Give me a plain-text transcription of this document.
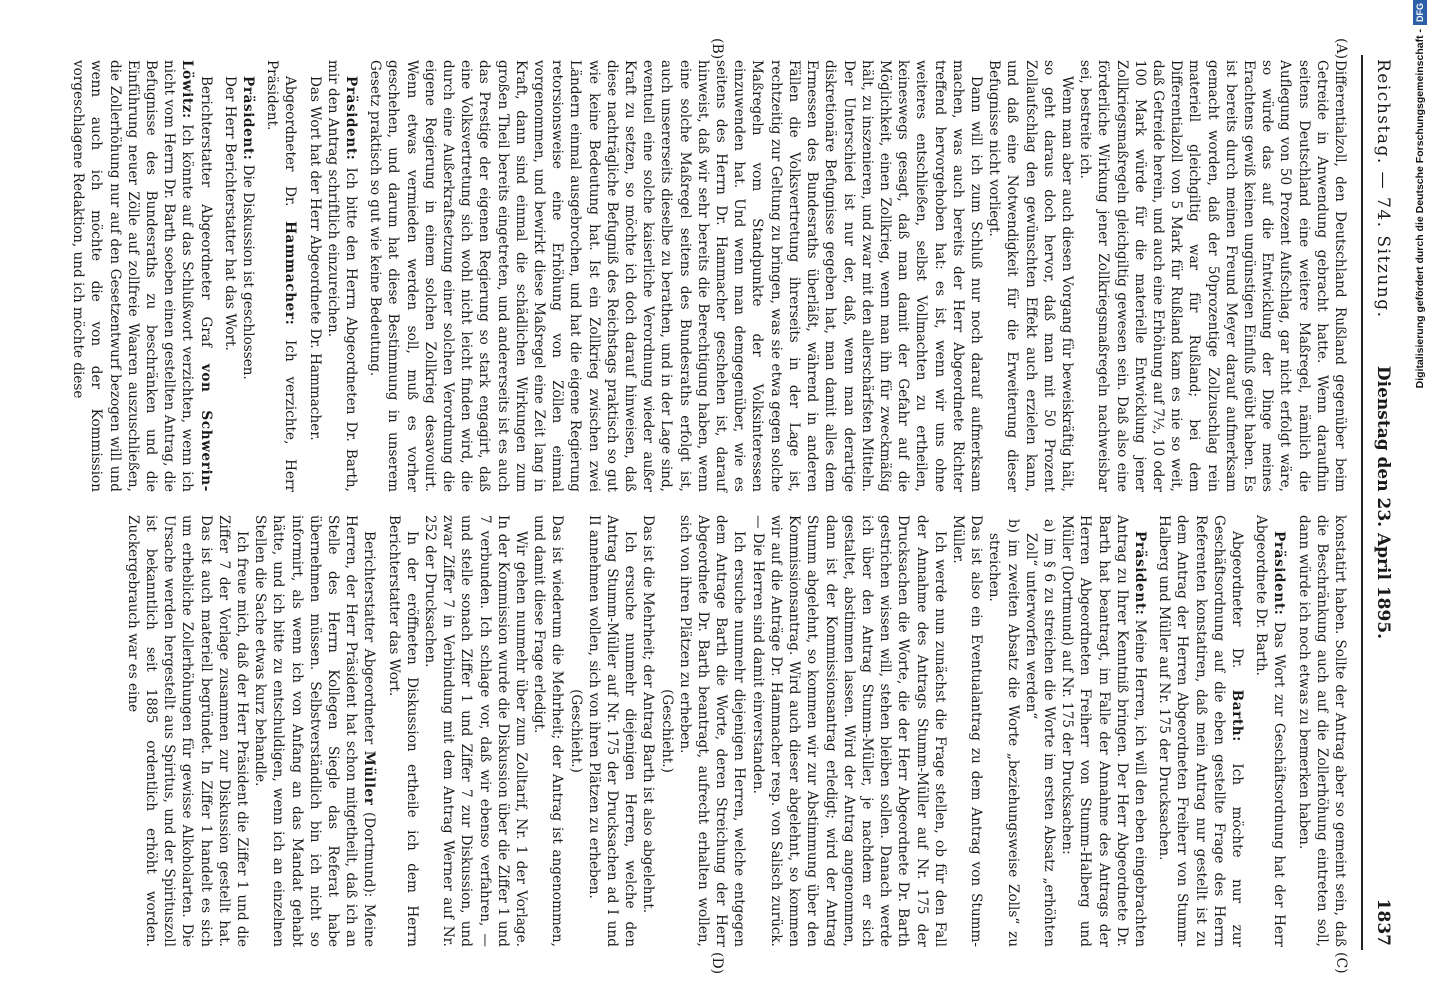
Reichstag. — 74. Sitzung.
Dienstag den 23. April 1895.
1837
(A)
(B)
(C)
(D)

Differentialzoll, den Deutschland Rußland gegenüber beim Getreide in Anwendung gebracht hatte. Wenn daraufhin seitens Deutschland eine weitere Maßregel, nämlich die Auflegung von 50 Prozent Aufschlag, gar nicht erfolgt wäre, so würde das auf die Entwicklung der Dinge meines Erachtens gewiß keinen ungünstigen Einfluß geübt haben. Es ist bereits durch meinen Freund Meyer darauf aufmerksam gemacht worden, daß der 50prozentige Zollzuschlag rein materiell gleichgiltig war für Rußland; bei dem Differentialzoll von 5 Mark für Rußland kam es nie so weit, daß Getreide herein, und auch eine Erhöhung auf 7½, 10 oder 100 Mark würde für die materielle Entwicklung jener Zollkriegsmaßregeln gleichgiltig gewesen sein. Daß also eine förderliche Wirkung jener Zollkriegsmaßregeln nachweisbar sei, bestreite ich.

Wenn man aber auch diesen Vorgang für beweiskräftig hält, so geht daraus doch hervor, daß man mit 50 Prozent Zollaufschlag den gewünschten Effekt auch erzielen kann, und daß eine Notwendigkeit für die Erweiterung dieser Befugnisse nicht vorliegt.

Dann will ich zum Schluß nur noch darauf aufmerksam machen, was auch bereits der Herr Abgeordnete Richter treffend hervorgehoben hat: es ist, wenn wir uns ohne weiteres entschließen, selbst Vollmachten zu ertheilen, keineswegs gesagt, daß man damit der Gefahr auf die Möglichkeit, einen Zollkrieg, wenn man ihn für zweckmäßig hält, zu inszenieren, und zwar mit den allerschärfsten Mitteln. Der Unterschied ist nur der, daß, wenn man derartige diskretionäre Befugnisse gegeben hat, man damit alles dem Ermessen des Bundesraths überläßt, während in anderen Fällen die Volksvertretung ihrerseits in der Lage ist, rechtzeitig zur Geltung zu bringen, was sie etwa gegen solche Maßregeln vom Standpunkte der Volksinteressen einzuwenden hat. Und wenn man demgegenüber, wie es seitens des Herrn Dr. Hammacher geschehen ist, darauf hinweist, daß wir sehr bereits die Berechtigung haben, wenn eine solche Maßregel seitens des Bundesraths erfolgt ist, auch unsererseits dieselbe zu berathen, und in der Lage sind, eventuell eine solche kaiserliche Verordnung wieder außer Kraft zu setzen, so möchte ich doch darauf hinweisen, daß diese nachträgliche Befugniß des Reichstags praktisch so gut wie keine Bedeutung hat. Ist ein Zollkrieg zwischen zwei Ländern einmal ausgebrochen, und hat die eigene Regierung retorsionsweise eine Erhöhung von Zöllen einmal vorgenommen, und bewirkt diese Maßregel eine Zeit lang in Kraft, dann sind einmal die schädlichen Wirkungen zum großen Theil bereits eingetreten, und andererseits ist es auch das Prestige der eigenen Regierung so stark engagirt, daß eine Volksvertretung sich wohl nicht leicht finden wird, die durch eine Außerkraftsetzung einer solchen Verordnung die eigene Regierung in einem solchen Zollkrieg desavouirt. Wenn etwas vermieden werden soll, muß es vorher geschehen, und darum hat diese Bestimmung in unserem Gesetz praktisch so gut wie keine Bedeutung.

Präsident: Ich bitte den Herrn Abgeordneten Dr. Barth, mir den Antrag schriftlich einzureichen.

Das Wort hat der Herr Abgeordnete Dr. Hammacher.

Abgeordneter Dr. Hammacher: Ich verzichte, Herr Präsident.

Präsident: Die Diskussion ist geschlossen.

Der Herr Berichterstatter hat das Wort.

Berichterstatter Abgeordneter Graf von Schwerin-Löwitz: Ich könnte auf das Schlußwort verzichten, wenn ich nicht vom Herrn Dr. Barth soeben einen gestellten Antrag, die Befugnisse des Bundesraths zu beschränken und die Einführung neuer Zölle auf zollfreie Waaren auszuschließen, die Zollerhöhung nur auf den Gesetzentwurf bezogen will und wenn auch ich möchte die von der Kommission vorgeschlagene Redaktion, und ich möchte diese

konstatirt haben. Sollte der Antrag aber so gemeint sein, daß die Beschränkung auch auf die Zollerhöhung eintreten soll, dann würde ich noch etwas zu bemerken haben.

Präsident: Das Wort zur Geschäftsordnung hat der Herr Abgeordnete Dr. Barth.

Abgeordneter Dr. Barth: Ich möchte nur zur Geschäftsordnung auf die eben gestellte Frage des Herrn Referenten konstatiren, daß mein Antrag nur gestellt ist zu dem Antrag der Herren Abgeordneten Freiherr von Stumm-Halberg und Müller auf Nr. 175 der Drucksachen.

Präsident: Meine Herren, ich will den eben eingebrachten Antrag zu Ihrer Kenntniß bringen. Der Herr Abgeordnete Dr. Barth hat beantragt, im Falle der Annahme des Antrags der Herren Abgeordneten Freiherr von Stumm-Halberg und Müller (Dortmund) auf Nr. 175 der Drucksachen:

a) im § 6 zu streichen die Worte im ersten Absatz „erhöhten Zoll“ unterworfen werden“

b) im zweiten Absatz die Worte „beziehungsweise Zolls“ zu streichen.

Das ist also ein Eventualantrag zu dem Antrag von Stumm-Müller.

Ich werde nun zunächst die Frage stellen, ob für den Fall der Annahme des Antrags Stumm-Müller auf Nr. 175 der Drucksachen die Worte, die der Herr Abgeordnete Dr. Barth gestrichen wissen will, stehen bleiben sollen. Danach werde ich über den Antrag Stumm-Müller, je nachdem er sich gestaltet, abstimmen lassen. Wird der Antrag angenommen, dann ist der Kommissionsantrag erledigt; wird der Antrag Stumm abgelehnt, so kommen wir zur Abstimmung über den Kommissionsantrag. Wird auch dieser abgelehnt, so kommen wir auf die Anträge Dr. Hammacher resp. von Salisch zurück. — Die Herren sind damit einverstanden.

Ich ersuche nunmehr diejenigen Herren, welche entgegen dem Antrage Barth die Worte, deren Streichung der Herr Abgeordnete Dr. Barth beantragt, aufrecht erhalten wollen, sich von ihren Plätzen zu erheben.

(Geschieht.)

Das ist die Mehrheit; der Antrag Barth ist also abgelehnt.

Ich ersuche nunmehr diejenigen Herren, welche den Antrag Stumm-Müller auf Nr. 175 der Drucksachen ad I und II annehmen wollen, sich von ihren Plätzen zu erheben.

(Geschieht.)

Das ist wiederum die Mehrheit; der Antrag ist angenommen, und damit diese Frage erledigt.

Wir gehen nunmehr über zum Zolltarif, Nr. 1 der Vorlage. In der Kommission wurde die Diskussion über die Ziffer 1 und 7 verbunden. Ich schlage vor, daß wir ebenso verfahren, — und stelle sonach Ziffer 1 und Ziffer 7 zur Diskussion, und zwar Ziffer 7 in Verbindung mit dem Antrag Werner auf Nr. 252 der Drucksachen.

In der eröffneten Diskussion ertheile ich dem Herrn Berichterstatter das Wort.

Berichterstatter Abgeordneter Müller (Dortmund): Meine Herren, der Herr Präsident hat schon mitgetheilt, daß ich an Stelle des Herrn Kollegen Siegle das Referat habe übernehmen müssen. Selbstverständlich bin ich nicht so informirt, als wenn ich von Anfang an das Mandat gehabt hätte, und ich bitte zu entschuldigen, wenn ich an einzelnen Stellen die Sache etwas kurz behandle.

Ich freue mich, daß der Herr Präsident die Ziffer 1 und die Ziffer 7 der Vorlage zusammen zur Diskussion gestellt hat. Das ist auch materiell begründet. In Ziffer 1 handelt es sich um erhebliche Zollerhöhungen für gewisse Alkoholarten. Die Ursache werden hergestellt aus Spiritus, und der Spirituszoll ist bekanntlich seit 1885 ordentlich erhöht worden. Zuckergebrauch war es eine

Digitalisierung gefördert durch die Deutsche Forschungsgemeinschaft -DFG
